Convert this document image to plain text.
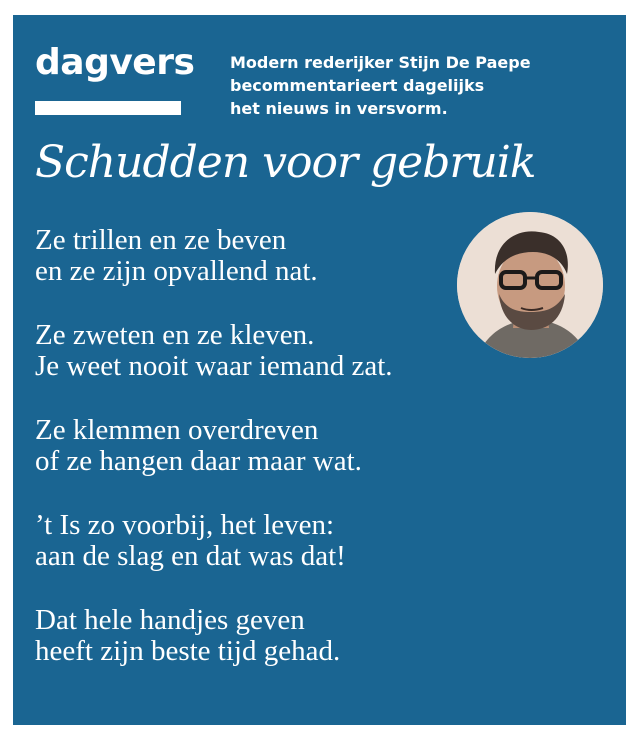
dagvers Modern rederijker Stijn De Paepe
becommentarieert dagelijks
het nieuws in versvorm.
Schudden voor gebruik
Ze trillen en ze beven
en ze zijn opvallend nat.
Ze zweten en ze kleven.
Je weet nooit waar iemand zat.
Ze klemmen overdreven
of ze hangen daar maar wat.
’t Is zo voorbij, het leven:
aan de slag en dat was dat!
Dat hele handjes geven
heeft zijn beste tijd gehad.
